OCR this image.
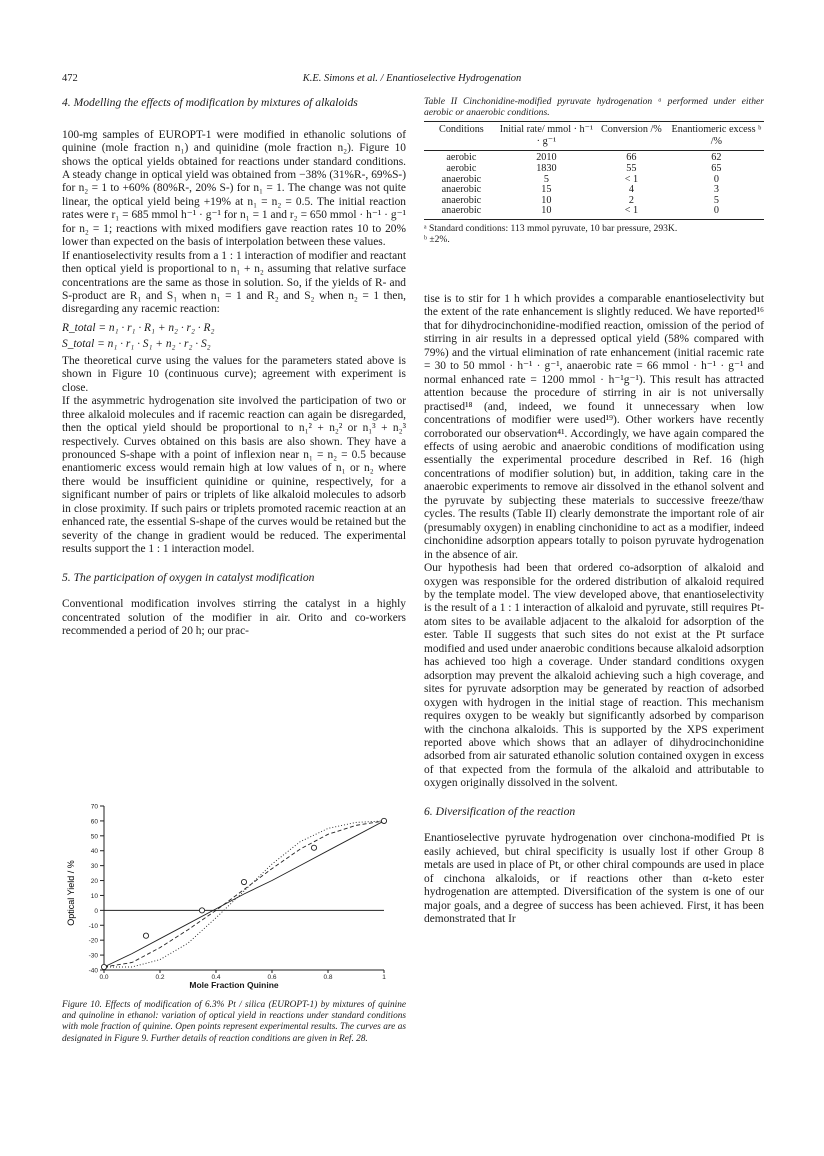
472	K.E. Simons et al. / Enantioselective Hydrogenation

4. Modelling the effects of modification by mixtures of alkaloids

100-mg samples of EUROPT-1 were modified in ethanolic solutions of quinine (mole fraction n₁) and quinidine (mole fraction n₂). Figure 10 shows the optical yields obtained for reactions under standard conditions. A steady change in optical yield was obtained from −38% (31%R-, 69%S-) for n₂ = 1 to +60% (80%R-, 20% S-) for n₁ = 1. The change was not quite linear, the optical yield being +19% at n₁ = n₂ = 0.5. The initial reaction rates were r₁ = 685 mmol h⁻¹ · g⁻¹ for n₁ = 1 and r₂ = 650 mmol · h⁻¹ · g⁻¹ for n₂ = 1; reactions with mixed modifiers gave reaction rates 10 to 20% lower than expected on the basis of interpolation between these values.

If enantioselectivity results from a 1 : 1 interaction of modifier and reactant then optical yield is proportional to n₁ + n₂ assuming that relative surface concentrations are the same as those in solution. So, if the yields of R- and S-product are R₁ and S₁ when n₁ = 1 and R₂ and S₂ when n₂ = 1 then, disregarding any racemic reaction:

R_total = n₁ · r₁ · R₁ + n₂ · r₂ · R₂

S_total = n₁ · r₁ · S₁ + n₂ · r₂ · S₂

The theoretical curve using the values for the parameters stated above is shown in Figure 10 (continuous curve); agreement with experiment is close.

If the asymmetric hydrogenation site involved the participation of two or three alkaloid molecules and if racemic reaction can again be disregarded, then the optical yield should be proportional to n₁² + n₂² or n₁³ + n₂³ respectively. Curves obtained on this basis are also shown. They have a pronounced S-shape with a point of inflexion near n₁ = n₂ = 0.5 because enantiomeric excess would remain high at low values of n₁ or n₂ where there would be insufficient quinidine or quinine, respectively, for a significant number of pairs or triplets of like alkaloid molecules to adsorb in close proximity. If such pairs or triplets promoted racemic reaction at an enhanced rate, the essential S-shape of the curves would be retained but the severity of the change in gradient would be reduced. The experimental results support the 1 : 1 interaction model.

5. The participation of oxygen in catalyst modification

Conventional modification involves stirring the catalyst in a highly concentrated solution of the modifier in air. Orito and co-workers recommended a period of 20 h; our prac-

70
60
50
40
30
20
10
0
-10
-20
-30
-40
0.0	0.2	0.4	0.6	0.8	1
Optical Yield / %
Mole Fraction Quinine
Figure 10. Effects of modification of 6.3% Pt / silica (EUROPT-1) by mixtures of quinine and quinoline in ethanol: variation of optical yield in reactions under standard conditions with mole fraction of quinine. Open points represent experimental results. The curves are as designated in Figure 9. Further details of reaction conditions are given in Ref. 28.
Table II Cinchonidine-modified pyruvate hydrogenation ᵃ performed under either aerobic or anaerobic conditions.
Conditions	Initial rate/ mmol · h⁻¹ · g⁻¹	Conversion /%	Enantiomeric excess ᵇ /%
aerobic	2010	66	62
aerobic	1830	55	65
anaerobic	5	< 1	0
anaerobic	15	4	3
anaerobic	10	2	5
anaerobic	10	< 1	0
ᵃ Standard conditions: 113 mmol pyruvate, 10 bar pressure, 293K.
ᵇ ±2%.

tise is to stir for 1 h which provides a comparable enantioselectivity but the extent of the rate enhancement is slightly reduced. We have reported¹⁶ that for dihydrocinchonidine-modified reaction, omission of the period of stirring in air results in a depressed optical yield (58% compared with 79%) and the virtual elimination of rate enhancement (initial racemic rate = 30 to 50 mmol · h⁻¹ · g⁻¹, anaerobic rate = 66 mmol · h⁻¹ · g⁻¹ and normal enhanced rate = 1200 mmol · h⁻¹g⁻¹). This result has attracted attention because the procedure of stirring in air is not universally practised¹⁸ (and, indeed, we found it unnecessary when low concentrations of modifier were used¹⁹). Other workers have recently corroborated our observation⁴¹. Accordingly, we have again compared the effects of using aerobic and anaerobic conditions of modification using essentially the experimental procedure described in Ref. 16 (high concentrations of modifier solution) but, in addition, taking care in the anaerobic experiments to remove air dissolved in the ethanol solvent and the pyruvate by subjecting these materials to successive freeze/thaw cycles. The results (Table II) clearly demonstrate the important role of air (presumably oxygen) in enabling cinchonidine to act as a modifier, indeed cinchonidine adsorption appears totally to poison pyruvate hydrogenation in the absence of air.

Our hypothesis had been that ordered co-adsorption of alkaloid and oxygen was responsible for the ordered distribution of alkaloid required by the template model. The view developed above, that enantioselectivity is the result of a 1 : 1 interaction of alkaloid and pyruvate, still requires Pt-atom sites to be available adjacent to the alkaloid for adsorption of the ester. Table II suggests that such sites do not exist at the Pt surface modified and used under anaerobic conditions because alkaloid adsorption has achieved too high a coverage. Under standard conditions oxygen adsorption may prevent the alkaloid achieving such a high coverage, and sites for pyruvate adsorption may be generated by reaction of adsorbed oxygen with hydrogen in the initial stage of reaction. This mechanism requires oxygen to be weakly but significantly adsorbed by comparison with the cinchona alkaloids. This is supported by the XPS experiment reported above which shows that an adlayer of dihydrocinchonidine adsorbed from air saturated ethanolic solution contained oxygen in excess of that expected from the formula of the alkaloid and attributable to oxygen originally dissolved in the solvent.

6. Diversification of the reaction

Enantioselective pyruvate hydrogenation over cinchona-modified Pt is easily achieved, but chiral specificity is usually lost if other Group 8 metals are used in place of Pt, or other chiral compounds are used in place of cinchona alkaloids, or if reactions other than α-keto ester hydrogenation are attempted. Diversification of the system is one of our major goals, and a degree of success has been achieved. First, it has been demonstrated that Ir
